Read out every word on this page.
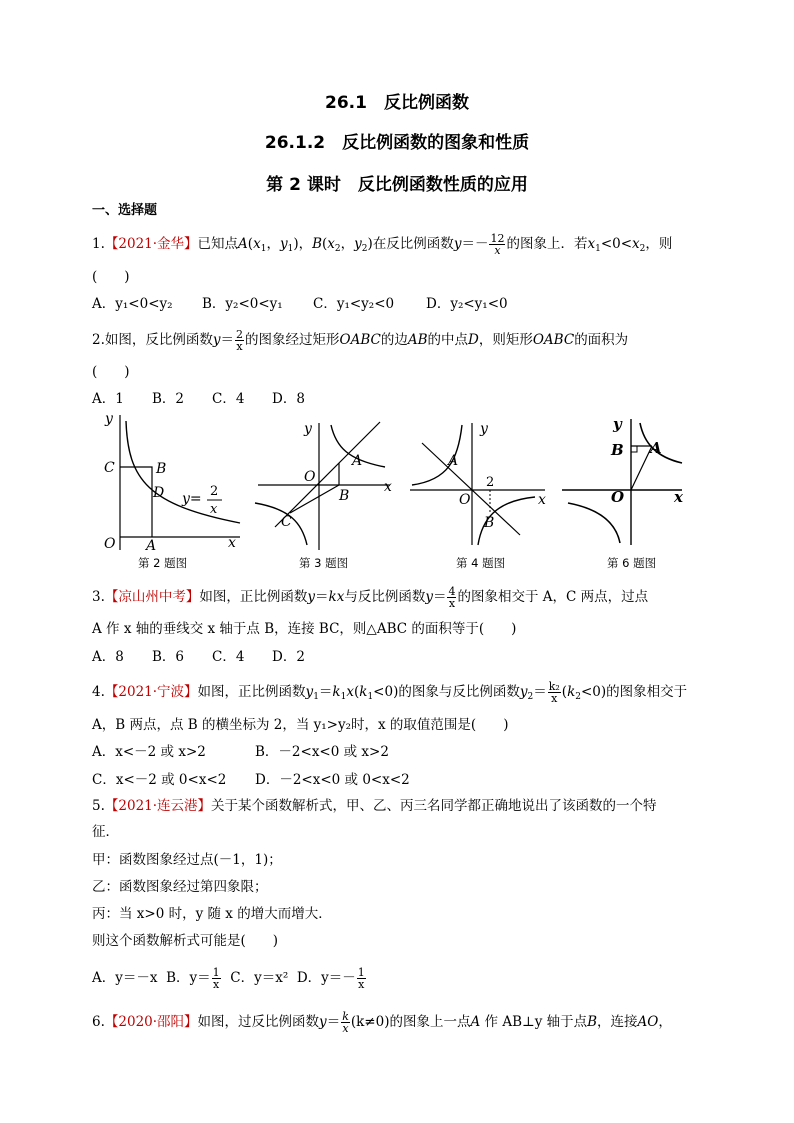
26.1　反比例函数
26.1.2　反比例函数的图象和性质
第 2 课时　反比例函数性质的应用
一、选择题
1.【2021·金华】已知点$A(x_1$，$y_1$)，$B(x_2$，$y_2$)在反比例函数$y=- \frac{12}{x}$ 的图象上．若$x_1<0<x_2$，则
(　　)
A．y₁<0<y₂ B．y₂<0<y₁ C．y₁<y₂<0 D．y₂<y₁<0
2.如图，反比例函数$y= \frac{2}{x}$ 的图象经过矩形OABC的边AB的中点D，则矩形OABC的面积为
(　　)
A．1 B．2 C．4 D．8
y
x
O A
B
C
D y= 2
x
第 2 题图
y
x
O
A
B
C
第 3 题图
y
x
O
A
B
2
第 4 题图
y
x
O
A
B
第 6 题图
3.【凉山州中考】如图，正比例函数y＝kx与反比例函数$y= \frac{4}{x}$ 的图象相交于 A，C 两点，过点
A 作 x 轴的垂线交 x 轴于点 B，连接 BC，则△ABC 的面积等于(　　)
A．8 B．6 C．4 D．2
4.【2021·宁波】如图，正比例函数$y_1=k_1x(k_1<0)$的图象与反比例函数$y_2= \frac{\text{k₂}}{x} (k_2<0)$的图象相交于
A，B 两点，点 B 的横坐标为 2，当 y₁>y₂时，x 的取值范围是(　　)
A．x<－2 或 x>2	B．－2<x<0 或 x>2
C．x<－2 或 0<x<2 D．－2<x<0 或 0<x<2
5.【2021·连云港】关于某个函数解析式，甲、乙、丙三名同学都正确地说出了该函数的一个特
征．
甲：函数图象经过点(－1，1)；
乙：函数图象经过第四象限；
丙：当 x>0 时，y 随 x 的增大而增大．
则这个函数解析式可能是(　　)
A．y＝－x B．$y= \frac{1}{x}$ C．y＝x² D．$y=- \frac{1}{x}$
6.【2020·邵阳】如图，过反比例函数$y= \frac{k}{x} (k\ne 0)$的图象上一点A 作 AB⊥y 轴于点B，连接AO，
